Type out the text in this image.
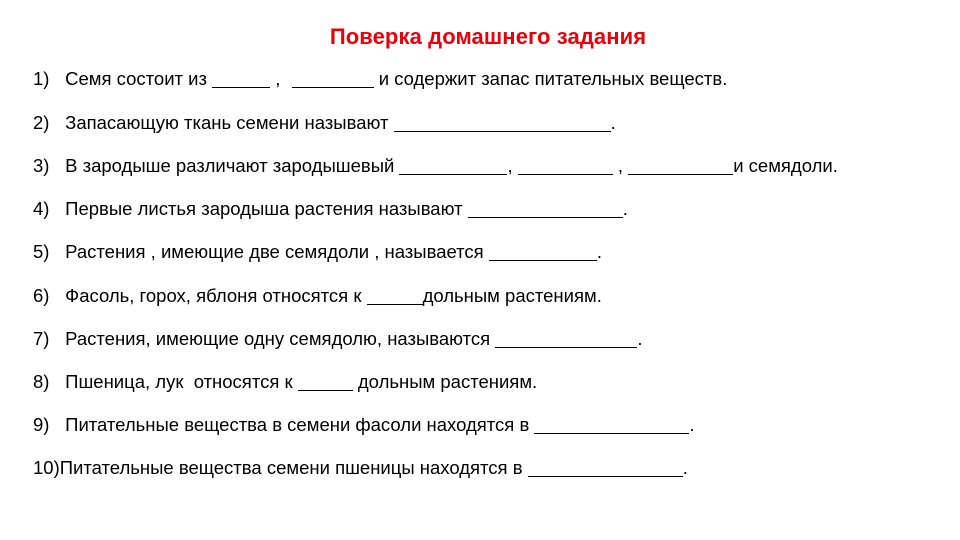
Поверка домашнего задания
1) Семя состоит из	,	и содержит запас питательных веществ.
2) Запасающую ткань семени называют	.
3) В зародыше различают зародышевый	,	,	и семядоли.
4) Первые листья зародыша растения называют	.
5) Растения , имеющие две семядоли , называется	.
6) Фасоль, горох, яблоня относятся к	дольным растениям.
7) Растения, имеющие одну семядолю, называются	.
8) Пшеница, лук  относятся к	дольным растениям.
9) Питательные вещества в семени фасоли находятся в	.
10)Питательные вещества семени пшеницы находятся в	.
